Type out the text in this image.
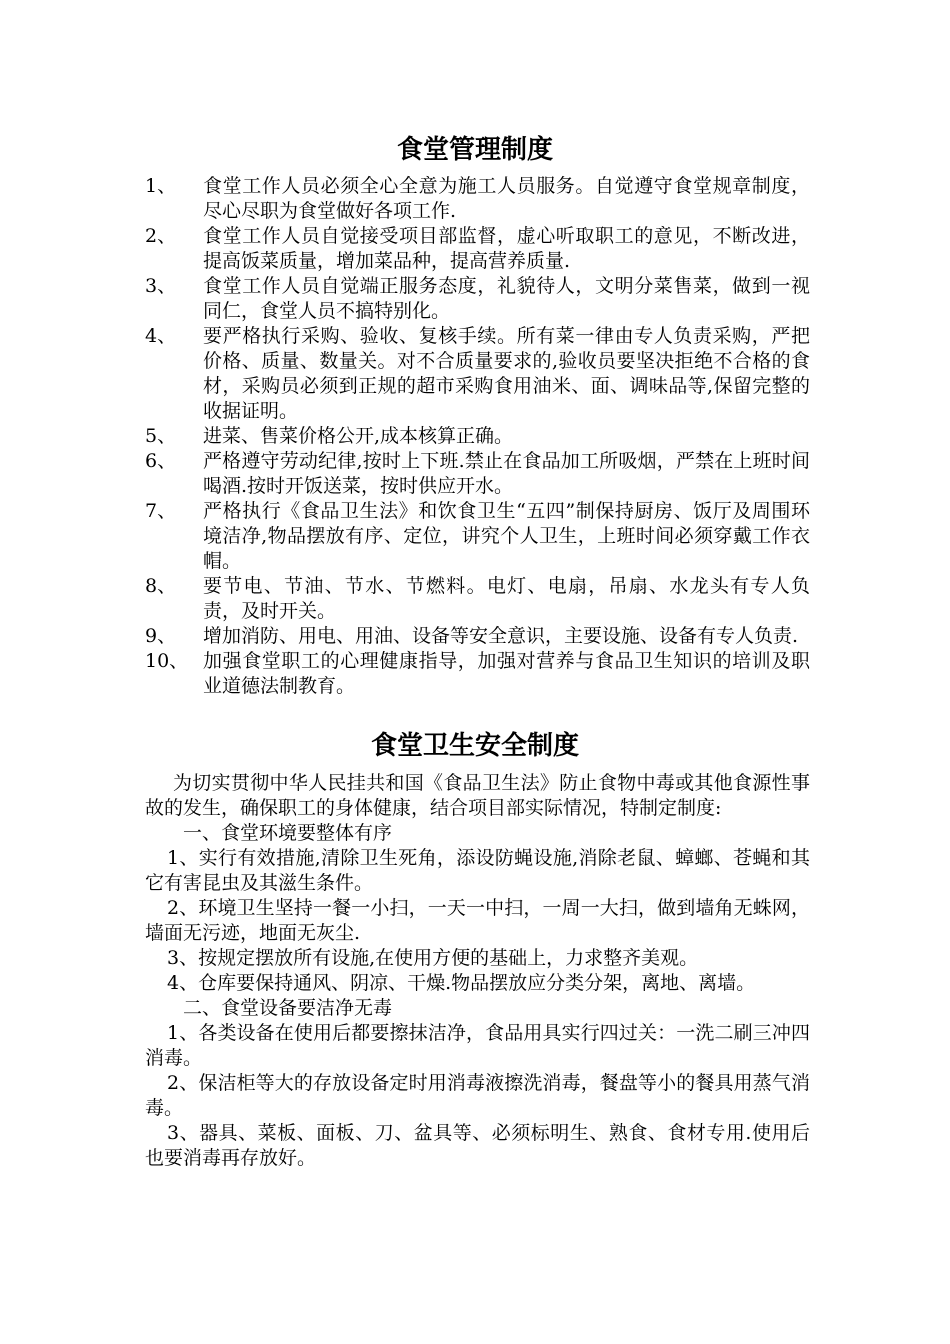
食堂管理制度
1、 食堂工作人员必须全心全意为施工人员服务。自觉遵守食堂规章制度，尽心尽职为食堂做好各项工作.
2、 食堂工作人员自觉接受项目部监督，虚心听取职工的意见，不断改进，提高饭菜质量，增加菜品种，提高营养质量.
3、 食堂工作人员自觉端正服务态度，礼貌待人，文明分菜售菜，做到一视同仁，食堂人员不搞特别化。
4、 要严格执行采购、验收、复核手续。所有菜一律由专人负责采购，严把价格、质量、数量关。对不合质量要求的,验收员要坚决拒绝不合格的食材，采购员必须到正规的超市采购食用油米、面、调味品等,保留完整的收据证明。
5、 进菜、售菜价格公开,成本核算正确。
6、 严格遵守劳动纪律,按时上下班.禁止在食品加工所吸烟，严禁在上班时间喝酒.按时开饭送菜，按时供应开水。
7、 严格执行《食品卫生法》和饮食卫生“五四”制保持厨房、饭厅及周围环境洁净,物品摆放有序、定位，讲究个人卫生，上班时间必须穿戴工作衣帽。
8、 要节电、节油、节水、节燃料。电灯、电扇，吊扇、水龙头有专人负责，及时开关。
9、 增加消防、用电、用油、设备等安全意识，主要设施、设备有专人负责.
10、 加强食堂职工的心理健康指导，加强对营养与食品卫生知识的培训及职业道德法制教育。
食堂卫生安全制度

为切实贯彻中华人民挂共和国《食品卫生法》防止食物中毒或其他食源性事故的发生，确保职工的身体健康，结合项目部实际情况，特制定制度:

一、食堂环境要整体有序

1、实行有效措施,清除卫生死角，添设防蝇设施,消除老鼠、蟑螂、苍蝇和其它有害昆虫及其滋生条件。

2、环境卫生坚持一餐一小扫，一天一中扫，一周一大扫，做到墙角无蛛网，墙面无污迹，地面无灰尘.

3、按规定摆放所有设施,在使用方便的基础上，力求整齐美观。

4、仓库要保持通风、阴凉、干燥.物品摆放应分类分架，离地、离墙。

二、食堂设备要洁净无毒

1、各类设备在使用后都要擦抹洁净，食品用具实行四过关：一洗二刷三冲四消毒。

2、保洁柜等大的存放设备定时用消毒液擦洗消毒，餐盘等小的餐具用蒸气消毒。

3、器具、菜板、面板、刀、盆具等、必须标明生、熟食、食材专用.使用后也要消毒再存放好。
